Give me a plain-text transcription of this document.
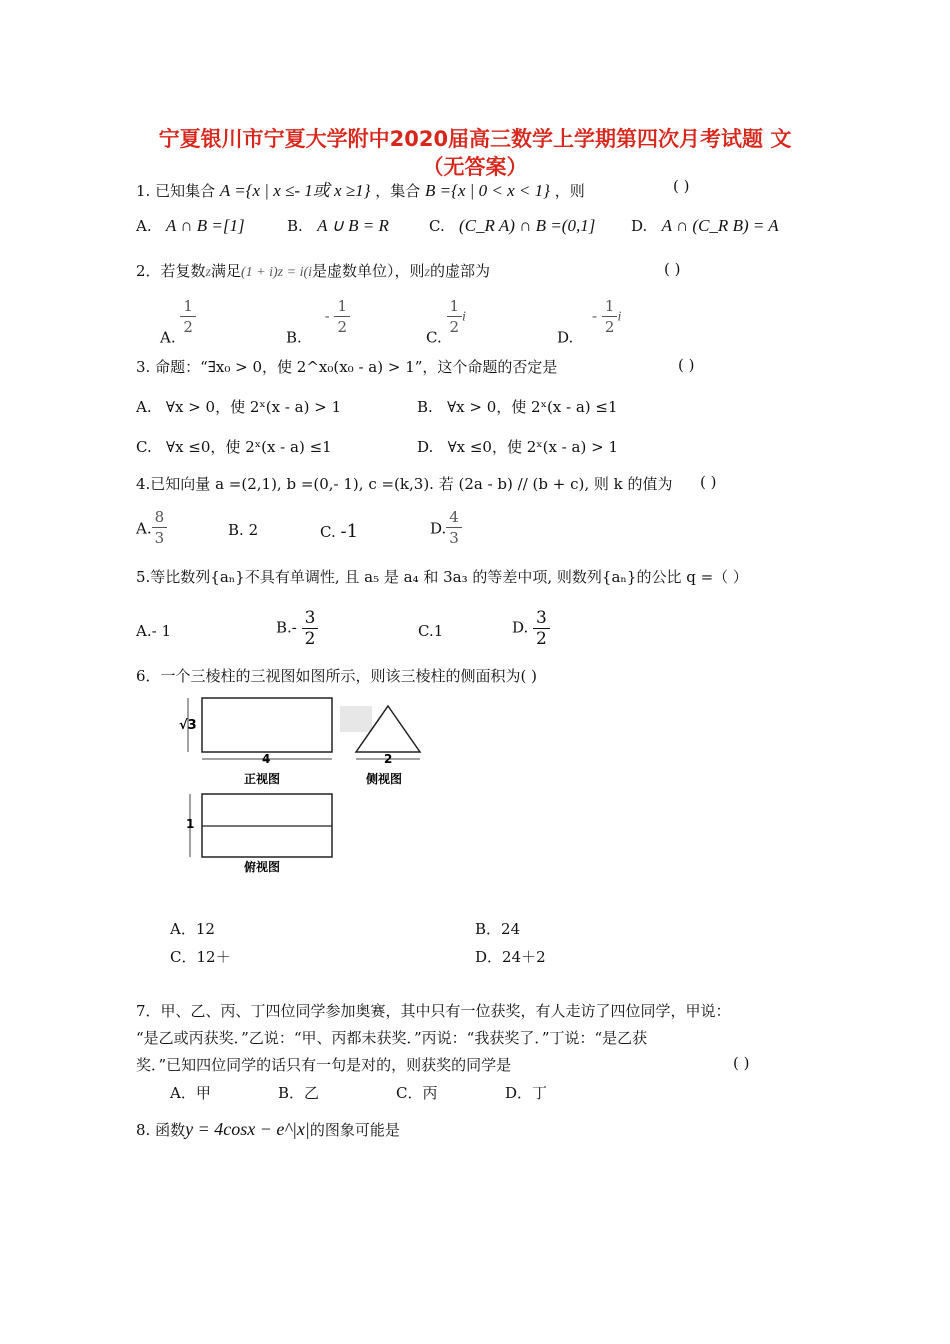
宁夏银川市宁夏大学附中2020届高三数学上学期第四次月考试题 文
（无答案）
1. 已知集合 A ={x | x ≤- 1或 x ≥1} ，集合 B ={x | 0 < x < 1} ，则	( )
A. A ∩ B =[1]	B. A ∪ B = R	C. (C_R A) ∩ B =(0,1] D. A ∩ (C_R B) = A
2．若复数z满足(1 + i)z = i(i是虚数单位），则z的虚部为	( )
A.
$\frac{1}{2}$
B. - $\frac{1}{2}$
C.
$\frac{1}{2}$ i
D. - $\frac{1}{2}$ i
3. 命题：“∃x₀ > 0，使 2^x₀(x₀ - a) > 1”，这个命题的否定是	( )
A. ∀x > 0，使 2ˣ(x - a) > 1	B. ∀x > 0，使 2ˣ(x - a) ≤1
C. ∀x ≤0，使 2ˣ(x - a) ≤1	D. ∀x ≤0，使 2ˣ(x - a) > 1
4.已知向量 a =(2,1), b =(0,- 1), c =(k,3). 若 (2a - b) // (b + c), 则 k 的值为 ( )
A. $\frac{8}{3}$	B. 2	C. -1	D. $\frac{4}{3}$
5.等比数列{aₙ}不具有单调性, 且 a₅ 是 a₄ 和 3a₃ 的等差中项, 则数列{aₙ}的公比 q =（ ）
A.- 1	$B.- \frac{3}{2}$	C.1	D. $\frac{3}{2}$
6．一个三棱柱的三视图如图所示，则该三棱柱的侧面积为( )
√3
4
正视图
2
侧视图
1
俯视图
A．12	B．24
C．12＋	D．24＋2
7．甲、乙、丙、丁四位同学参加奥赛，其中只有一位获奖，有人走访了四位同学，甲说：
“是乙或丙获奖．”乙说：“甲、丙都未获奖．”丙说：“我获奖了．”丁说：“是乙获
奖．”已知四位同学的话只有一句是对的，则获奖的同学是	( )
A．甲	B．乙	C．丙	D．丁
8. 函数y = 4cosx − e^|x|的图象可能是
